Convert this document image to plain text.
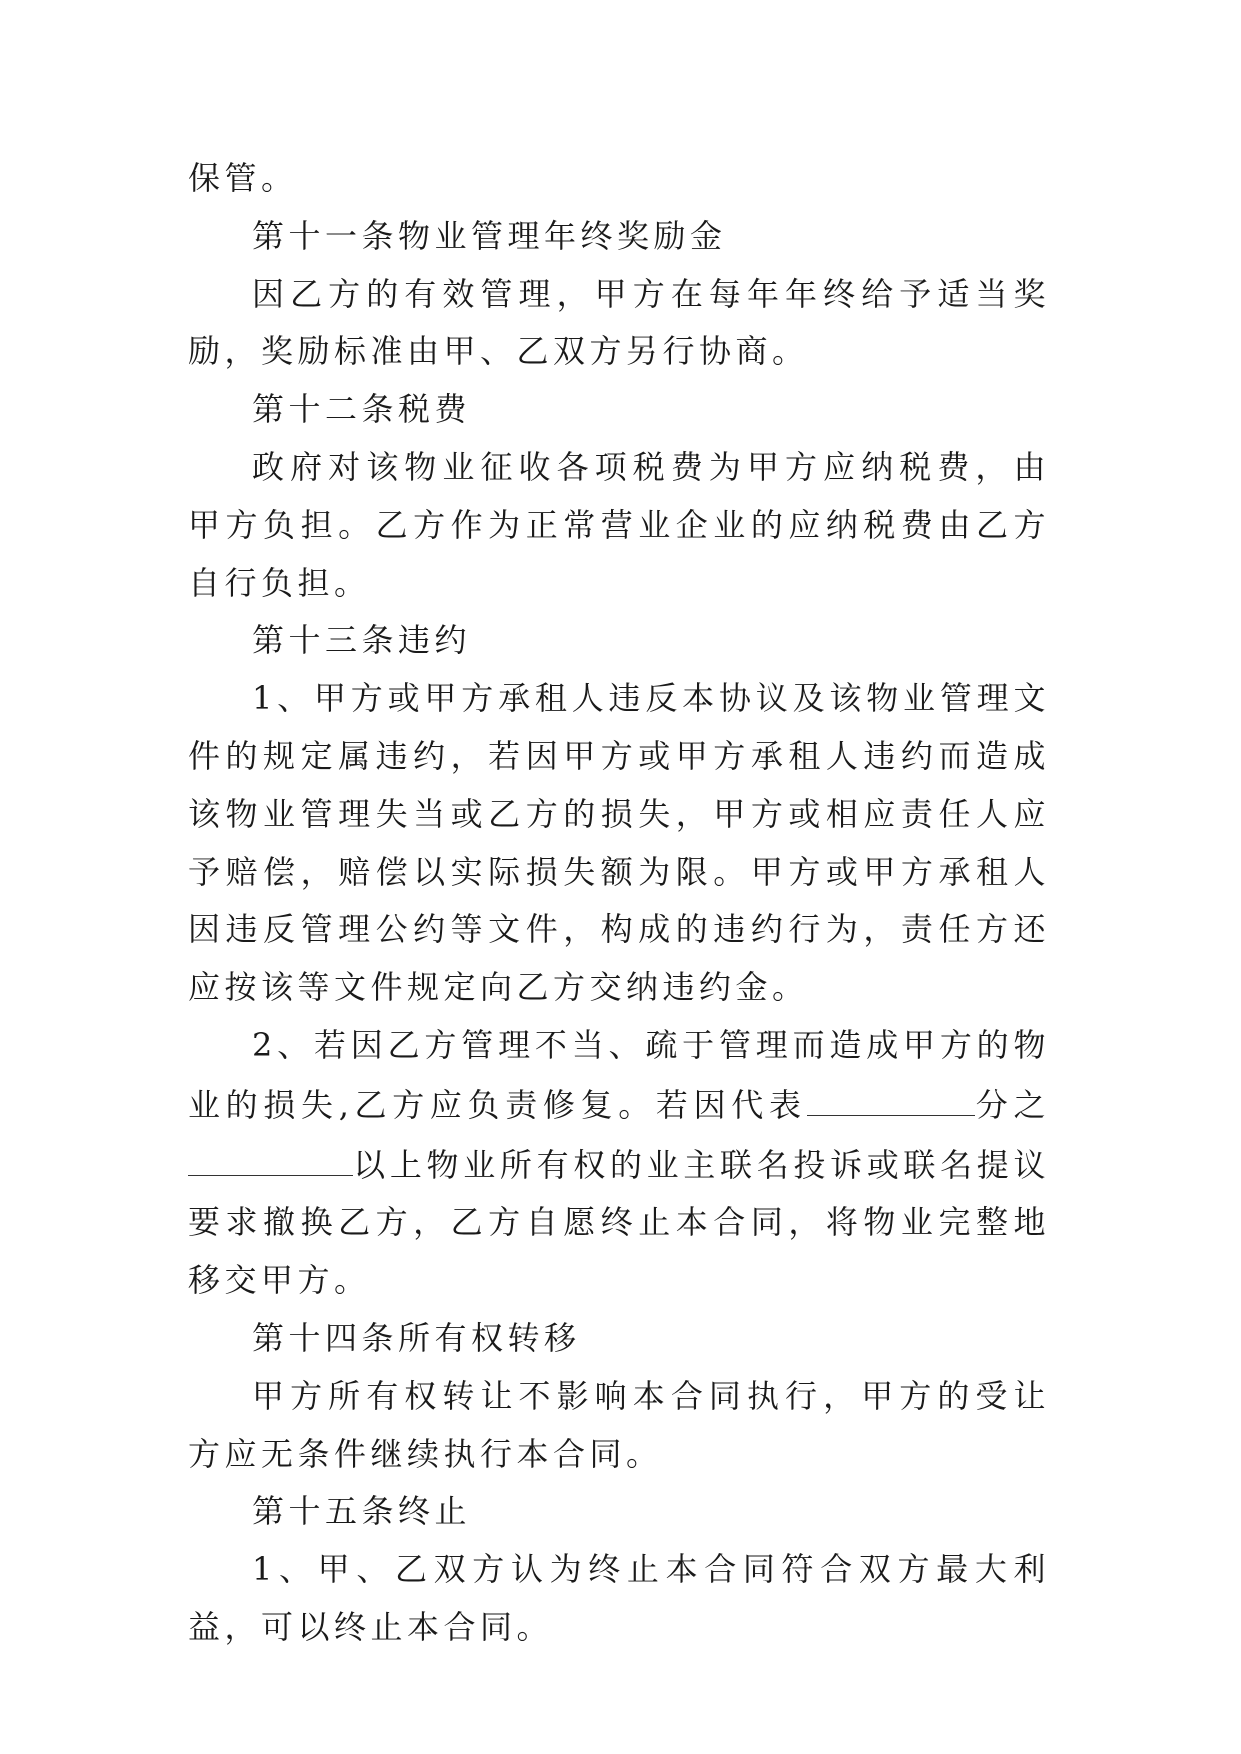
保管。

第十一条物业管理年终奖励金

因乙方的有效管理，甲方在每年年终给予适当奖励，奖励标准由甲、乙双方另行协商。

第十二条税费

政府对该物业征收各项税费为甲方应纳税费，由甲方负担。乙方作为正常营业企业的应纳税费由乙方自行负担。

第十三条违约

1、甲方或甲方承租人违反本协议及该物业管理文件的规定属违约，若因甲方或甲方承租人违约而造成该物业管理失当或乙方的损失，甲方或相应责任人应予赔偿，赔偿以实际损失额为限。甲方或甲方承租人因违反管理公约等文件，构成的违约行为，责任方还应按该等文件规定向乙方交纳违约金。

2、若因乙方管理不当、疏于管理而造成甲方的物业的损失,乙方应负责修复。若因代表	分之以上物业所有权的业主联名投诉或联名提议要求撤换乙方，乙方自愿终止本合同，将物业完整地移交甲方。

第十四条所有权转移

甲方所有权转让不影响本合同执行，甲方的受让方应无条件继续执行本合同。

第十五条终止

1、甲、乙双方认为终止本合同符合双方最大利益，可以终止本合同。
